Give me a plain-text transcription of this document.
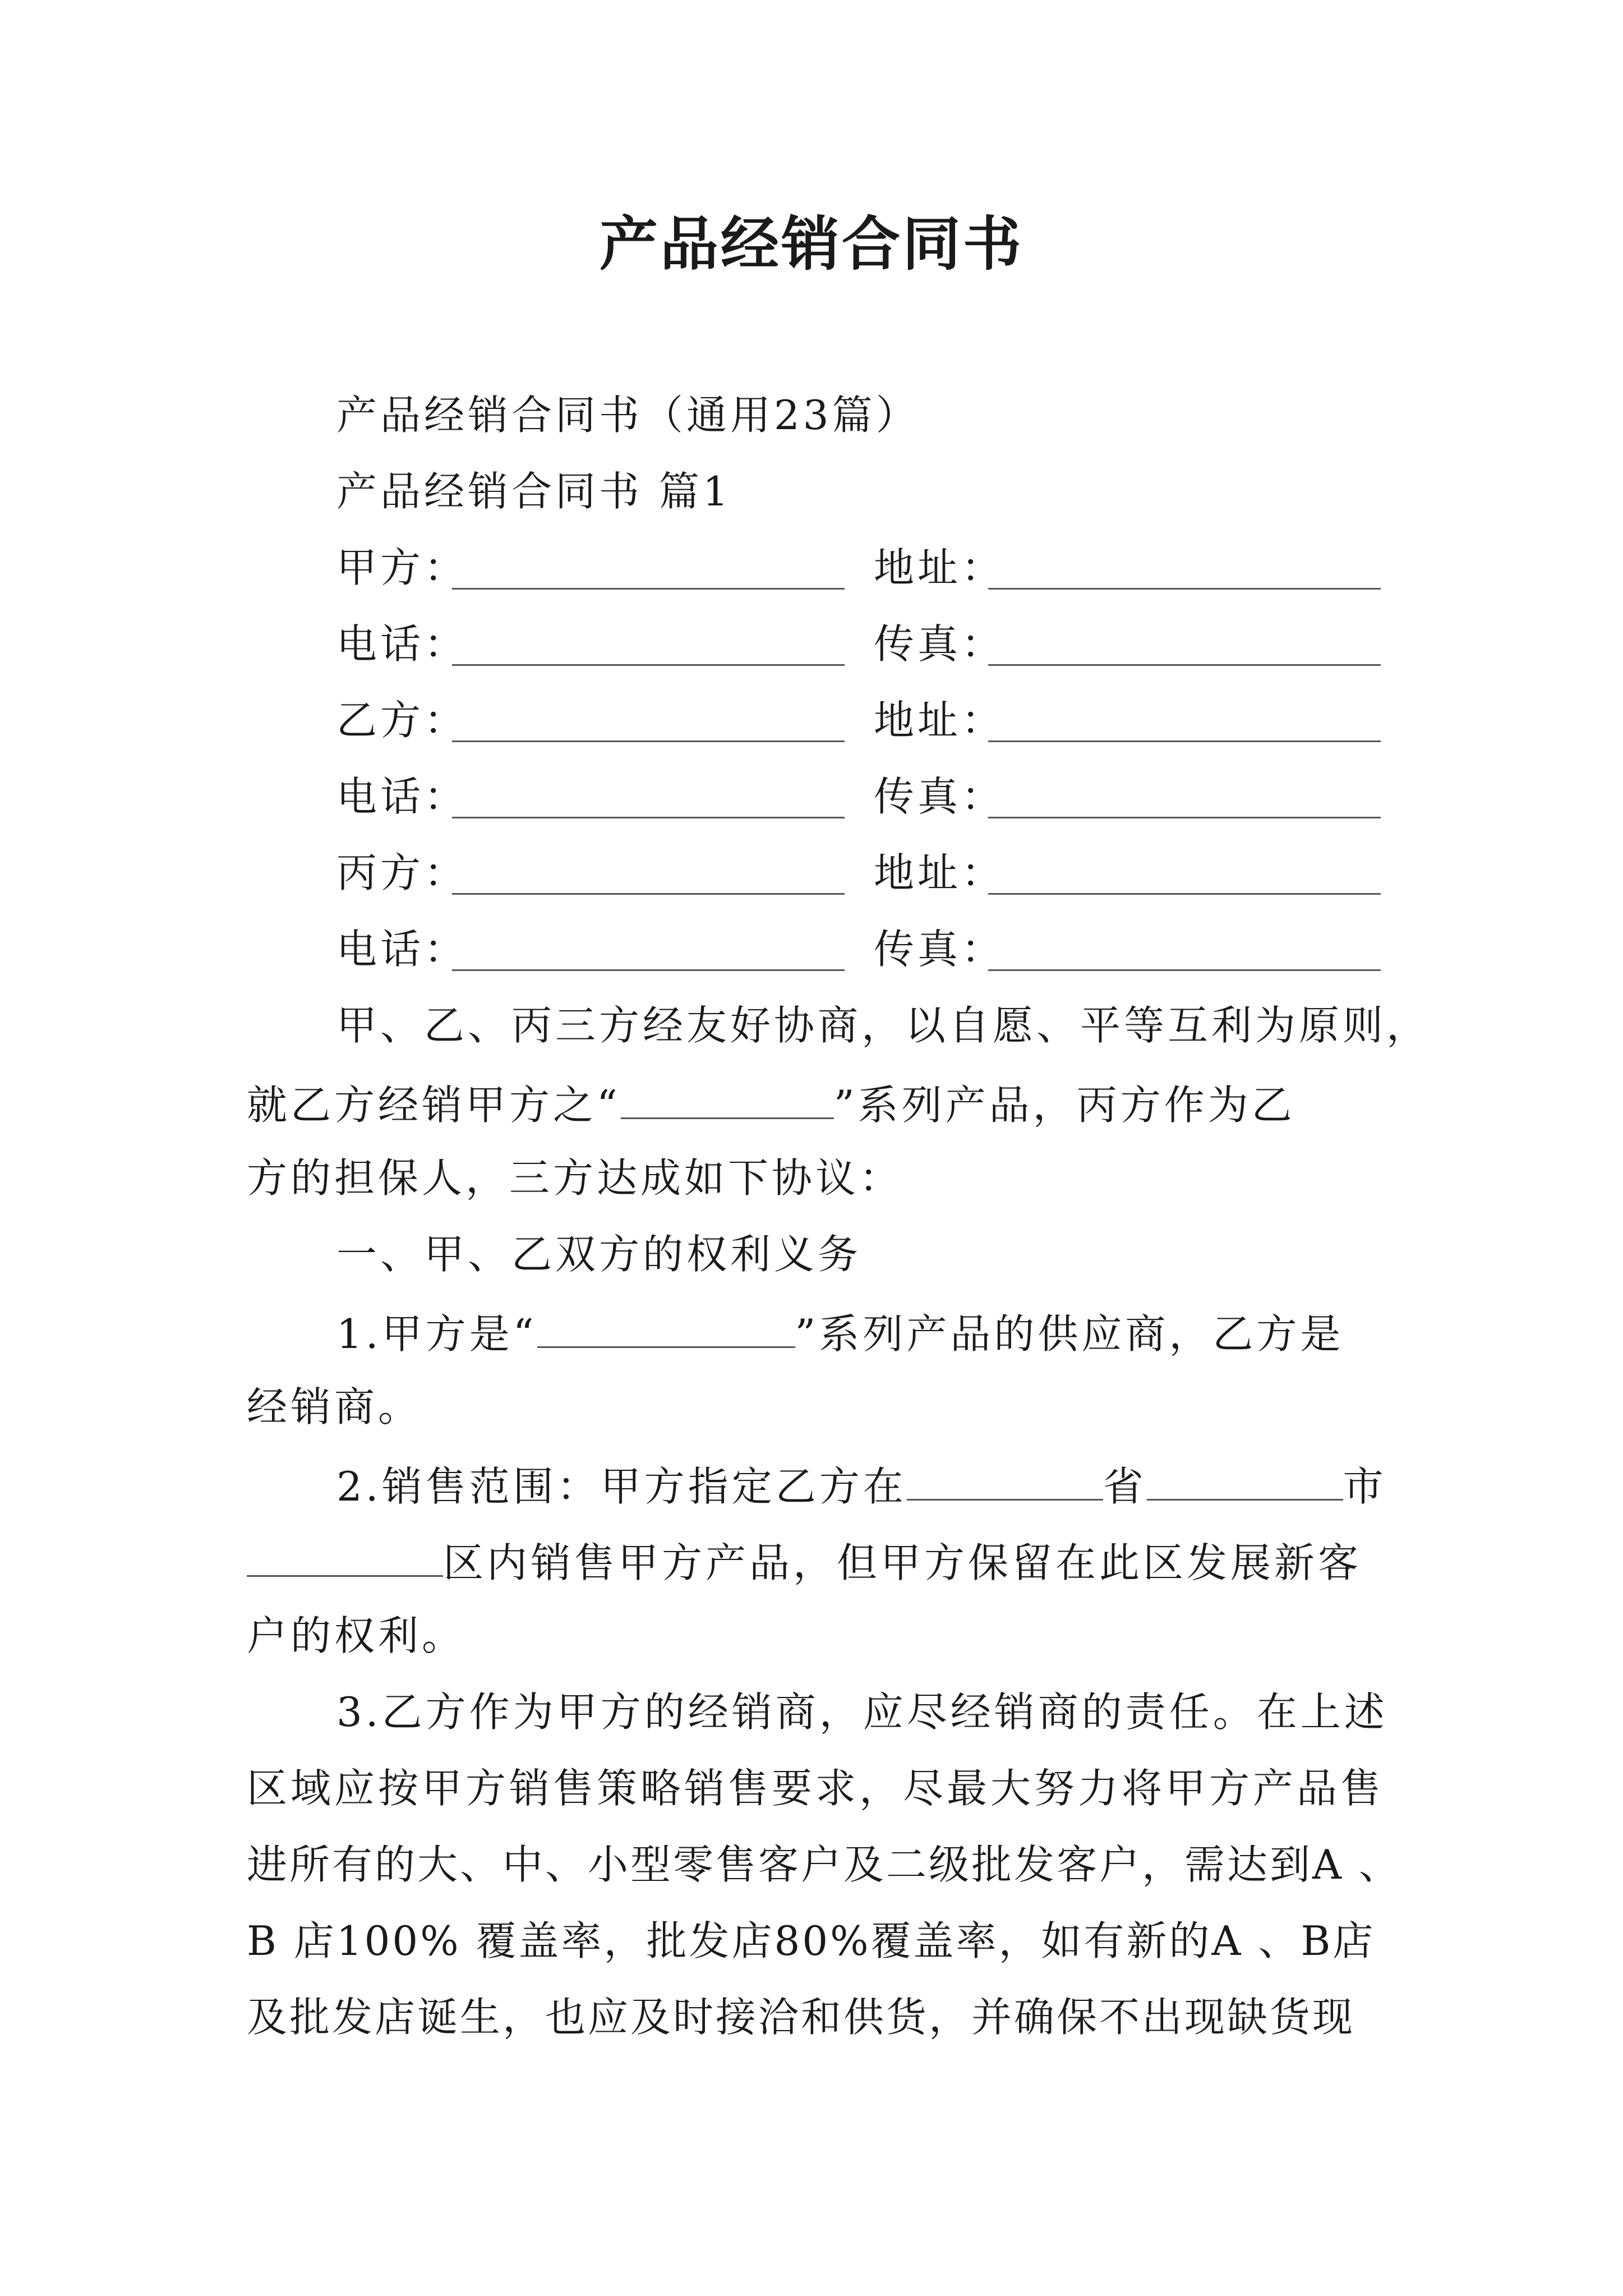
产品经销合同书
产品经销合同书（通用23篇）
产品经销合同书 篇1
甲方：	地址：
电话：	传真：
乙方：	地址：
电话：	传真：
丙方：	地址：
电话：	传真：
甲、乙、丙三方经友好协商，以自愿、平等互利为原则，
就乙方经销甲方之“	”系列产品，丙方作为乙
方的担保人，三方达成如下协议：
一、甲、乙双方的权利义务
1.甲方是“	”系列产品的供应商，乙方是
经销商。
2.销售范围：甲方指定乙方在	省	市
区内销售甲方产品，但甲方保留在此区发展新客
户的权利。
3.乙方作为甲方的经销商，应尽经销商的责任。在上述
区域应按甲方销售策略销售要求，尽最大努力将甲方产品售
进所有的大、中、小型零售客户及二级批发客户，需达到A 、
B 店100% 覆盖率，批发店80%覆盖率，如有新的A 、B店
及批发店诞生，也应及时接洽和供货，并确保不出现缺货现
